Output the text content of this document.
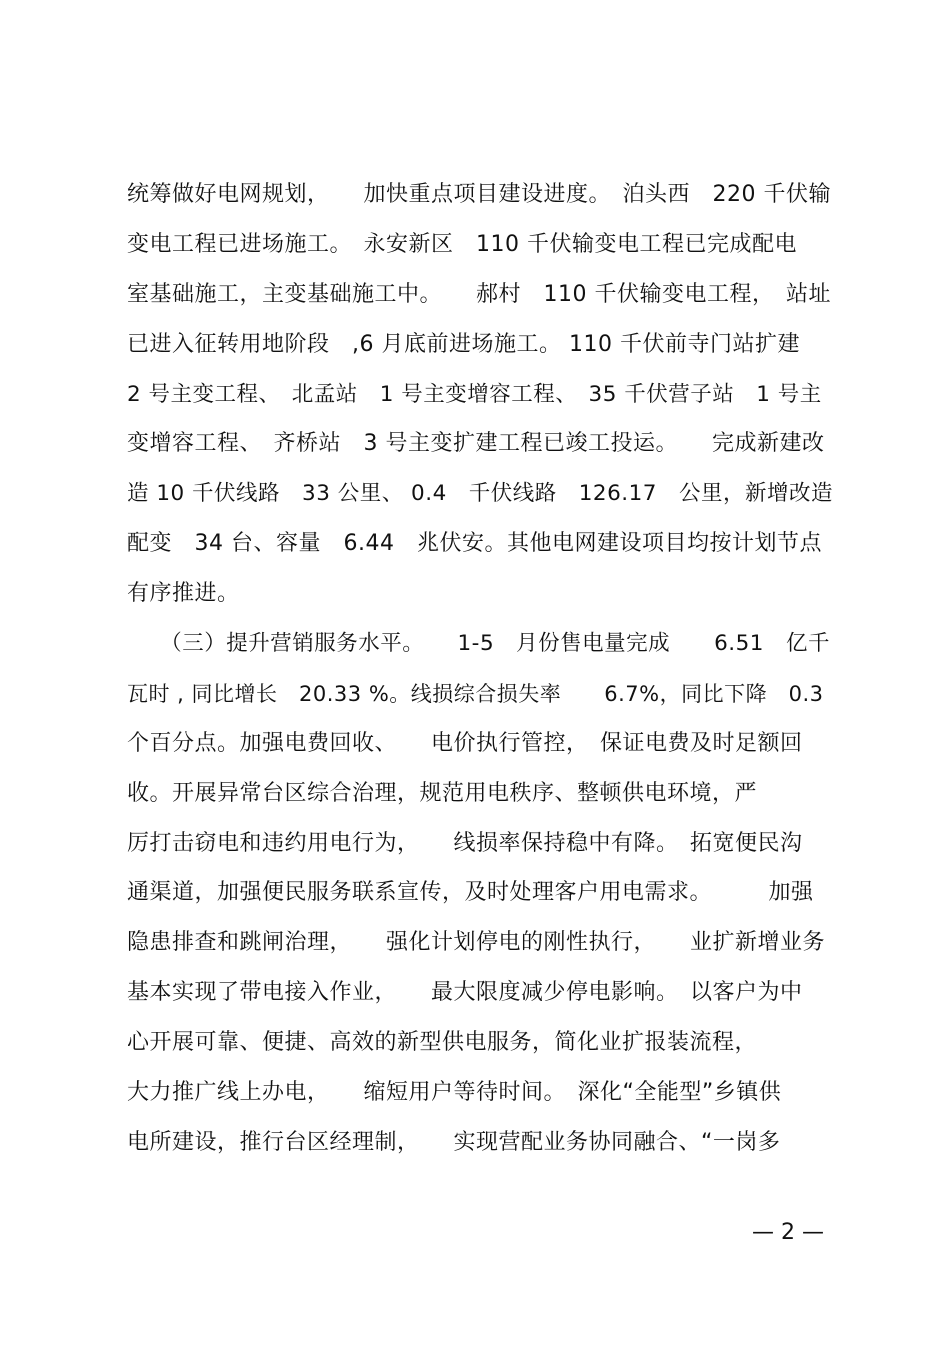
统筹做好电网规划，　　加快重点项目建设进度。　泊头西　220 千伏输
变电工程已进场施工。　永安新区　110 千伏输变电工程已完成配电
室基础施工，主变基础施工中。　　郝村　110 千伏输变电工程，　站址
已进入征转用地阶段　,6 月底前进场施工。 110 千伏前寺门站扩建
2 号主变工程、　北孟站　1 号主变增容工程、　35 千伏营子站　1 号主
变增容工程、　齐桥站　3 号主变扩建工程已竣工投运。　　完成新建改
造 10 千伏线路　33 公里、 0.4　千伏线路　126.17　公里，新增改造
配变　34 台、容量　6.44　兆伏安。其他电网建设项目均按计划节点
有序推进。
　　（三）提升营销服务水平。　　1-5　月份售电量完成　　6.51　亿千
瓦时 , 同比增长　20.33 %。线损综合损失率　　6.7%，同比下降　0.3
个百分点。加强电费回收、　　电价执行管控，　保证电费及时足额回
收。开展异常台区综合治理，规范用电秩序、整顿供电环境，严
厉打击窃电和违约用电行为，　　线损率保持稳中有降。　拓宽便民沟
通渠道，加强便民服务联系宣传，及时处理客户用电需求。　　　加强
隐患排查和跳闸治理，　　强化计划停电的刚性执行，　　业扩新增业务
基本实现了带电接入作业，　　最大限度减少停电影响。　以客户为中
心开展可靠、便捷、高效的新型供电服务，简化业扩报装流程，
大力推广线上办电，　　缩短用户等待时间。　深化“全能型”乡镇供
电所建设，推行台区经理制，　　实现营配业务协同融合、“一岗多
— 2 —
